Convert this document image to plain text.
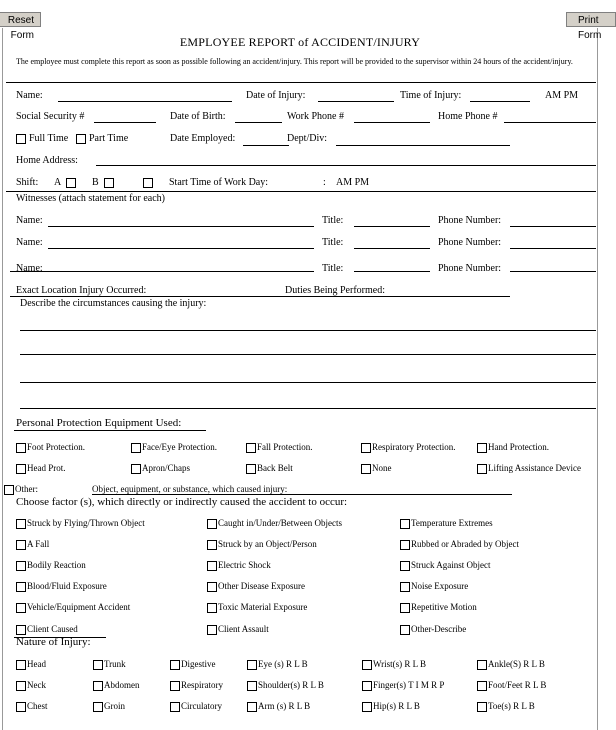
Reset Form
Print Form
EMPLOYEE REPORT of ACCIDENT/INJURY
The employee must complete this report as soon as possible following an accident/injury. This report will be provided to the supervisor within 24 hours of the accident/injury.
Name:	Date of Injury:	Time of Injury:	AM PM
Social Security #	Date of Birth:	Work Phone #	Home Phone #
Full Time Part Time	Date Employed:	Dept/Div:
Home Address:
Shift: A	B	Start Time of Work Day:	: AM PM
Witnesses (attach statement for each)
Name:	Title:	Phone Number:
Name:	Title:	Phone Number:
Name:	Title:	Phone Number:
Exact Location Injury Occurred:	Duties Being Performed:
Describe the circumstances causing the injury:
Personal Protection Equipment Used:
Foot Protection.	Face/Eye Protection.	Fall Protection.	Respiratory Protection.	Hand Protection.
Head Prot.	Apron/Chaps	Back Belt	None	Lifting Assistance Device
Other:	Object, equipment, or substance, which caused injury:
Choose factor (s), which directly or indirectly caused the accident to occur:
Nature of Injury:
Struck by Flying/Thrown Object	Caught in/Under/Between Objects	Temperature Extremes
A Fall	Struck by an Object/Person	Rubbed or Abraded by Object
Bodily Reaction	Electric Shock	Struck Against Object
Blood/Fluid Exposure	Other Disease Exposure	Noise Exposure
Vehicle/Equipment Accident	Toxic Material Exposure	Repetitive Motion
Client Caused	Client Assault	Other-Describe
Head	Trunk	Digestive	Eye (s) R L B	Wrist(s) R L B	Ankle(S) R L B
Neck	Abdomen	Respiratory	Shoulder(s) R L B	Finger(s) T I M R P	Foot/Feet R L B
Chest	Groin	Circulatory	Arm (s) R L B	Hip(s) R L B	Toe(s) R L B
